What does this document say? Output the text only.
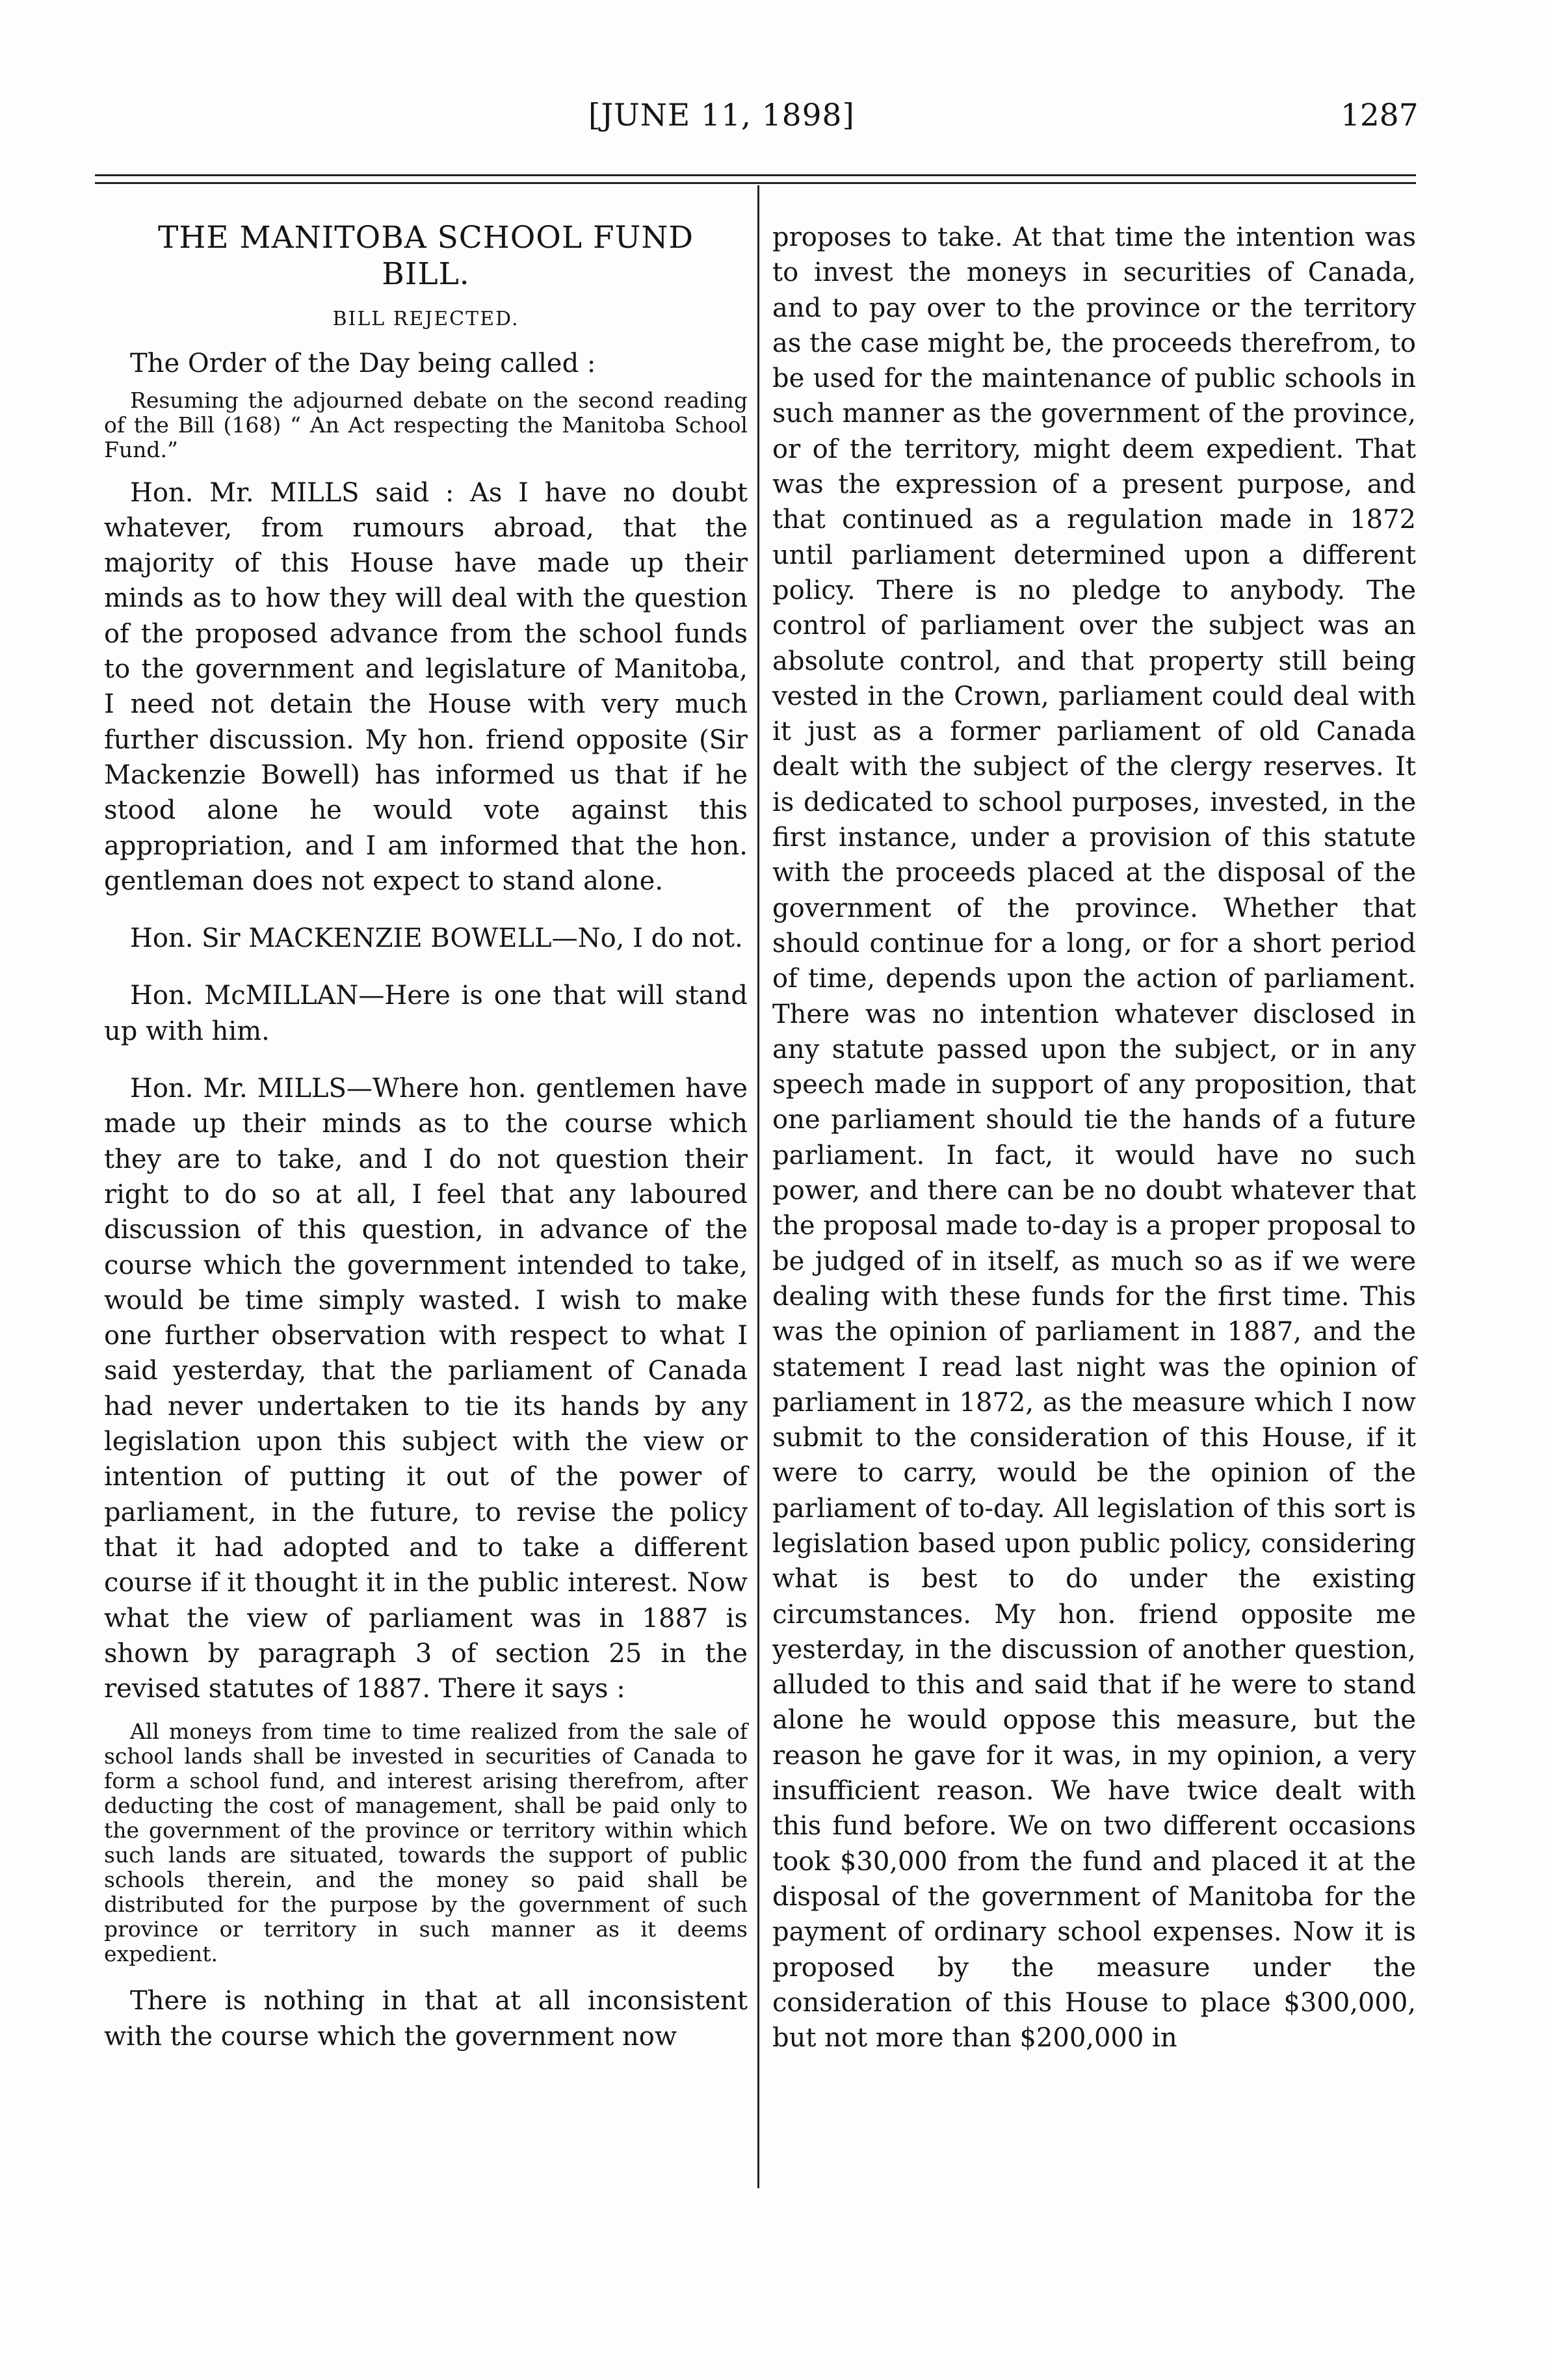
[JUNE 11, 1898]	1287
THE MANITOBA SCHOOL FUND BILL.
BILL REJECTED.

The Order of the Day being called :

Resuming the adjourned debate on the second reading of the Bill (168) “ An Act respecting the Manitoba School Fund.”

Hon. Mr. MILLS said : As I have no doubt whatever, from rumours abroad, that the majority of this House have made up their minds as to how they will deal with the question of the proposed advance from the school funds to the government and legislature of Manitoba, I need not detain the House with very much further discussion. My hon. friend opposite (Sir Mackenzie Bowell) has informed us that if he stood alone he would vote against this appropriation, and I am informed that the hon. gentleman does not expect to stand alone.

Hon. Sir MACKENZIE BOWELL—No, I do not.

Hon. McMILLAN—Here is one that will stand up with him.

Hon. Mr. MILLS—Where hon. gentlemen have made up their minds as to the course which they are to take, and I do not question their right to do so at all, I feel that any laboured discussion of this question, in advance of the course which the government intended to take, would be time simply wasted. I wish to make one further observation with respect to what I said yesterday, that the parliament of Canada had never undertaken to tie its hands by any legislation upon this subject with the view or intention of putting it out of the power of parliament, in the future, to revise the policy that it had adopted and to take a different course if it thought it in the public interest. Now what the view of parliament was in 1887 is shown by paragraph 3 of section 25 in the revised statutes of 1887. There it says :

All moneys from time to time realized from the sale of school lands shall be invested in securities of Canada to form a school fund, and interest arising therefrom, after deducting the cost of management, shall be paid only to the government of the province or territory within which such lands are situated, towards the support of public schools therein, and the money so paid shall be distributed for the purpose by the government of such province or territory in such manner as it deems expedient.

There is nothing in that at all inconsistent with the course which the government now

proposes to take. At that time the intention was to invest the moneys in securities of Canada, and to pay over to the province or the territory as the case might be, the proceeds therefrom, to be used for the maintenance of public schools in such manner as the government of the province, or of the territory, might deem expedient. That was the expression of a present purpose, and that continued as a regulation made in 1872 until parliament determined upon a different policy. There is no pledge to anybody. The control of parliament over the subject was an absolute control, and that property still being vested in the Crown, parliament could deal with it just as a former parliament of old Canada dealt with the subject of the clergy reserves. It is dedicated to school purposes, invested, in the first instance, under a provision of this statute with the proceeds placed at the disposal of the government of the province. Whether that should continue for a long, or for a short period of time, depends upon the action of parliament. There was no intention whatever disclosed in any statute passed upon the subject, or in any speech made in support of any proposition, that one parliament should tie the hands of a future parliament. In fact, it would have no such power, and there can be no doubt whatever that the proposal made to-day is a proper proposal to be judged of in itself, as much so as if we were dealing with these funds for the first time. This was the opinion of parliament in 1887, and the statement I read last night was the opinion of parliament in 1872, as the measure which I now submit to the consideration of this House, if it were to carry, would be the opinion of the parliament of to-day. All legislation of this sort is legislation based upon public policy, considering what is best to do under the existing circumstances. My hon. friend opposite me yesterday, in the discussion of another question, alluded to this and said that if he were to stand alone he would oppose this measure, but the reason he gave for it was, in my opinion, a very insufficient reason. We have twice dealt with this fund before. We on two different occasions took $30,000 from the fund and placed it at the disposal of the government of Manitoba for the payment of ordinary school expenses. Now it is proposed by the measure under the consideration of this House to place $300,000, but not more than $200,000 in
